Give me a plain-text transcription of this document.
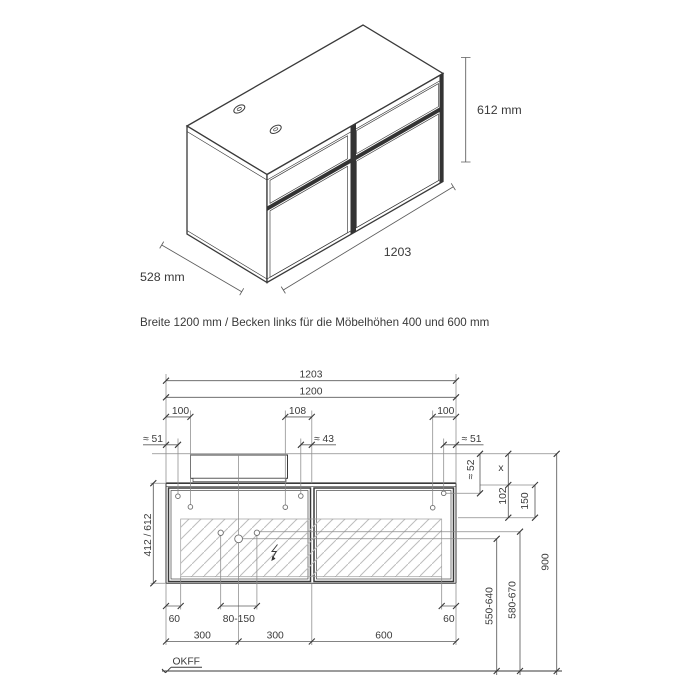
612 mm
1203
528 mm
Breite 1200 mm / Becken links für die Möbelhöhen 400 und 600 mm
OKFF
1203
1200
100	108	100
≈ 51	≈ 43	≈ 51
≈ 52 x
102 150
412 / 612
550-640 580-670
900
60	80-150	60
300	300	600
